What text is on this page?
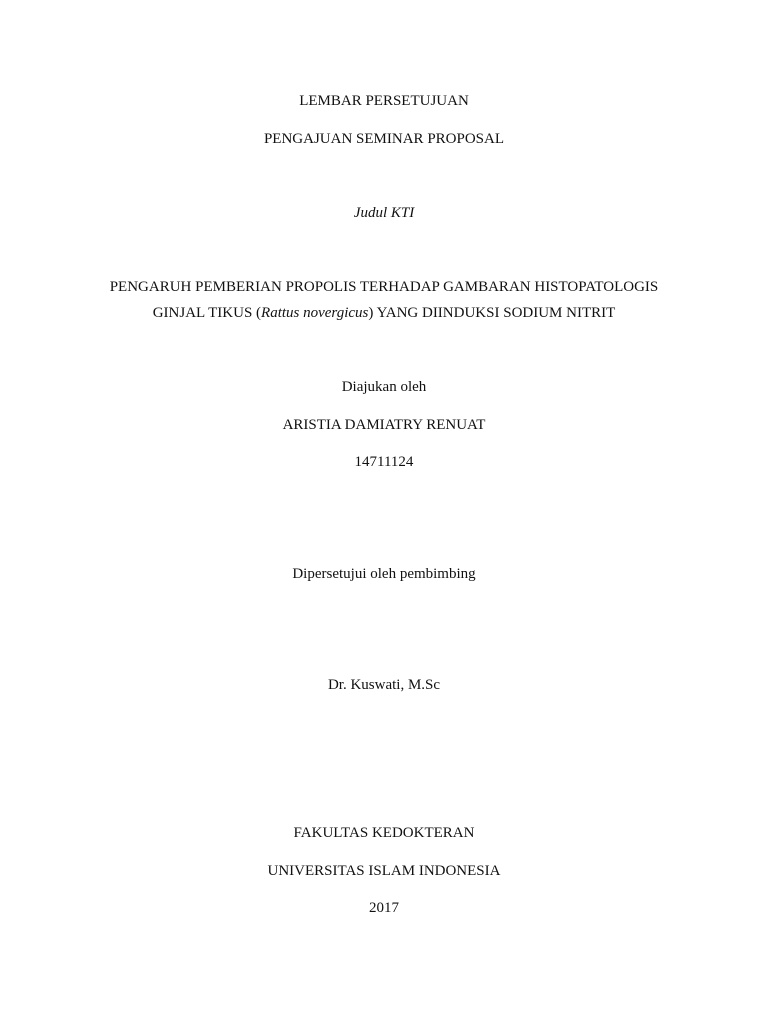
LEMBAR PERSETUJUAN
PENGAJUAN SEMINAR PROPOSAL
Judul KTI
PENGARUH PEMBERIAN PROPOLIS TERHADAP GAMBARAN HISTOPATOLOGIS
GINJAL TIKUS (Rattus novergicus) YANG DIINDUKSI SODIUM NITRIT
Diajukan oleh
ARISTIA DAMIATRY RENUAT
14711124
Dipersetujui oleh pembimbing
Dr. Kuswati, M.Sc
FAKULTAS KEDOKTERAN
UNIVERSITAS ISLAM INDONESIA
2017
